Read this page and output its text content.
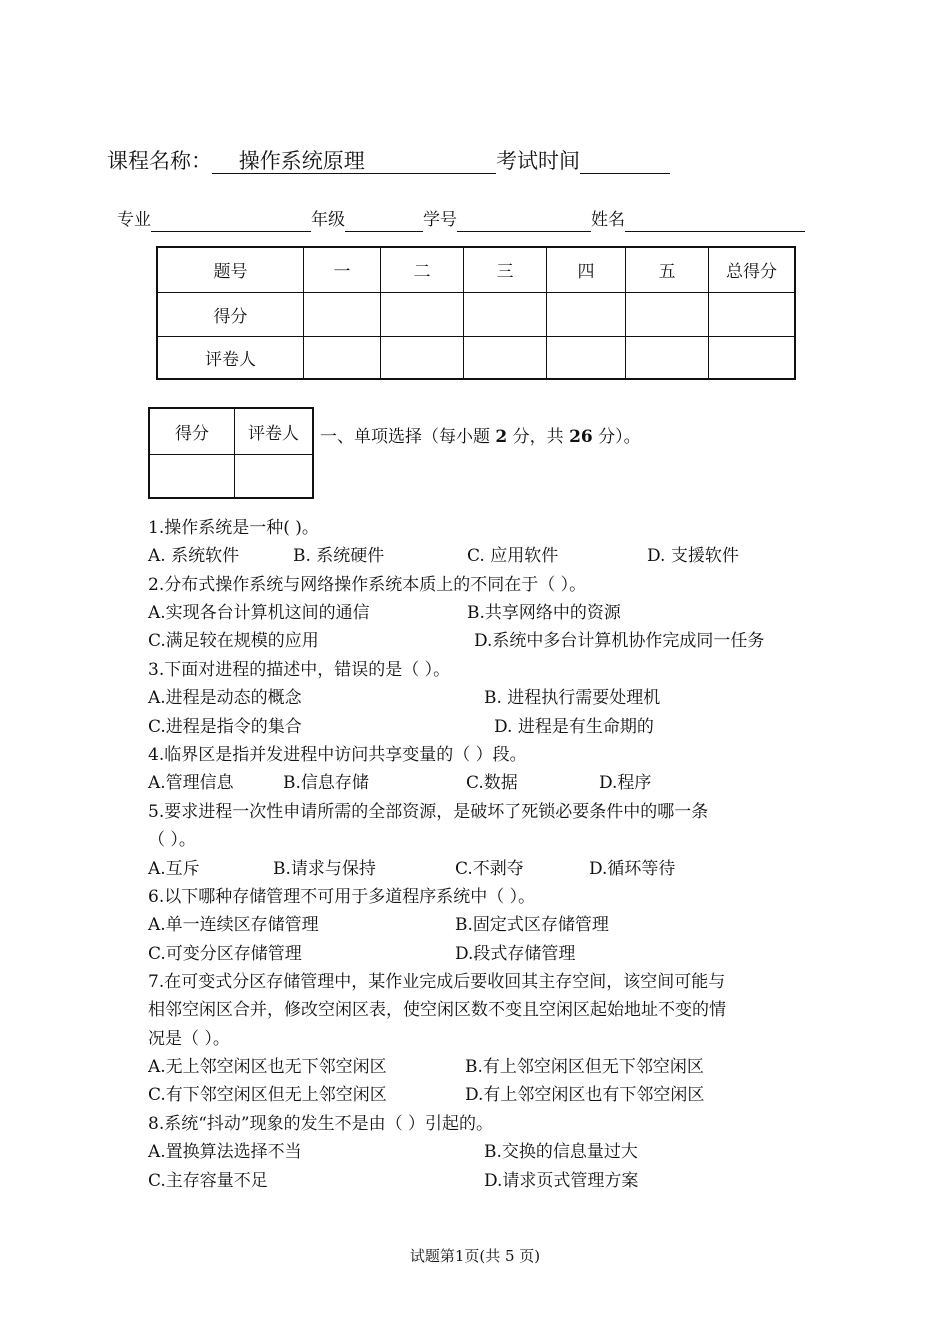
课程名称： 操作系统原理	考试时间
专业	年级	学号	姓名
题号	一	二	三	四	五	总得分
得分						
评卷人						
得分	评卷人
	一、单项选择（每小题 2 分，共 26 分）。
1.操作系统是一种( )。
A. 系统软件	B. 系统硬件	C. 应用软件	D. 支援软件
2.分布式操作系统与网络操作系统本质上的不同在于（ ）。
A.实现各台计算机这间的通信	B.共享网络中的资源
C.满足较在规模的应用	D.系统中多台计算机协作完成同一任务
3.下面对进程的描述中，错误的是（ ）。
A.进程是动态的概念	B. 进程执行需要处理机
C.进程是指令的集合	D. 进程是有生命期的
4.临界区是指并发进程中访问共享变量的（ ）段。
A.管理信息	B.信息存储	C.数据	D.程序
5.要求进程一次性申请所需的全部资源，是破坏了死锁必要条件中的哪一条
（ ）。
A.互斥	B.请求与保持	C.不剥夺	D.循环等待
6.以下哪种存储管理不可用于多道程序系统中（ ）。
A.单一连续区存储管理	B.固定式区存储管理
C.可变分区存储管理	D.段式存储管理
7.在可变式分区存储管理中，某作业完成后要收回其主存空间，该空间可能与
相邻空闲区合并，修改空闲区表，使空闲区数不变且空闲区起始地址不变的情
况是（ ）。
A.无上邻空闲区也无下邻空闲区	B.有上邻空闲区但无下邻空闲区
C.有下邻空闲区但无上邻空闲区	D.有上邻空闲区也有下邻空闲区
8.系统“抖动”现象的发生不是由（ ）引起的。
A.置换算法选择不当	B.交换的信息量过大
C.主存容量不足	D.请求页式管理方案
试题第1页(共 5 页)
